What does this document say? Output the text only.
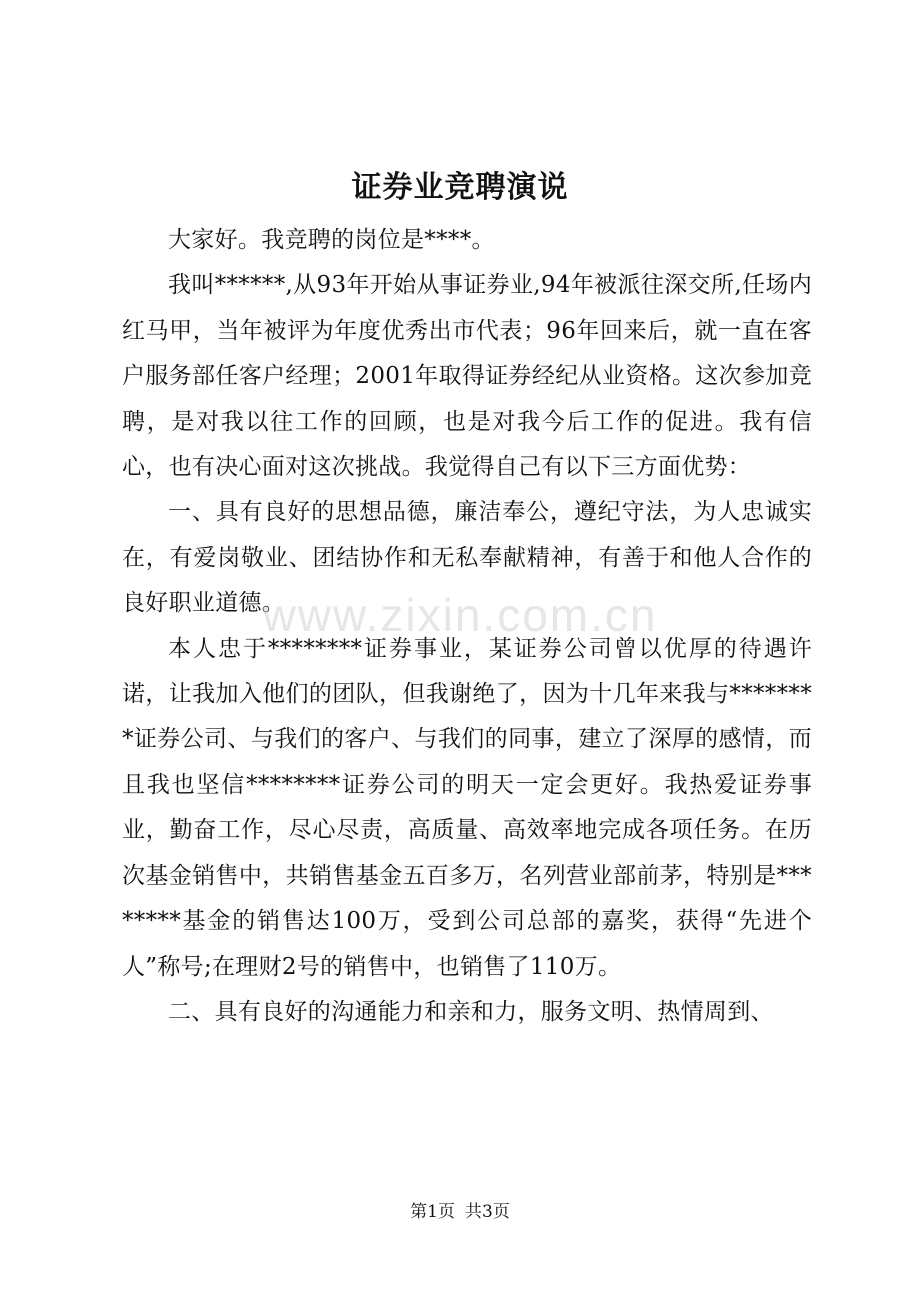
证券业竞聘演说

大家好。我竞聘的岗位是****。

我叫******,从93年开始从事证券业,94年被派往深交所,任场内红马甲，当年被评为年度优秀出市代表；96年回来后，就一直在客户服务部任客户经理；2001年取得证券经纪从业资格。这次参加竞聘，是对我以往工作的回顾，也是对我今后工作的促进。我有信心，也有决心面对这次挑战。我觉得自己有以下三方面优势：

一、具有良好的思想品德，廉洁奉公，遵纪守法，为人忠诚实在，有爱岗敬业、团结协作和无私奉献精神，有善于和他人合作的良好职业道德。

本人忠于********证券事业，某证券公司曾以优厚的待遇许诺，让我加入他们的团队，但我谢绝了，因为十几年来我与********证券公司、与我们的客户、与我们的同事，建立了深厚的感情，而且我也坚信********证券公司的明天一定会更好。我热爱证券事业，勤奋工作，尽心尽责，高质量、高效率地完成各项任务。在历次基金销售中，共销售基金五百多万，名列营业部前茅，特别是********基金的销售达100万，受到公司总部的嘉奖，获得“先进个人”称号;在理财2号的销售中，也销售了110万。

二、具有良好的沟通能力和亲和力，服务文明、热情周到、

www.zixin.com.cn
第1页 共3页
